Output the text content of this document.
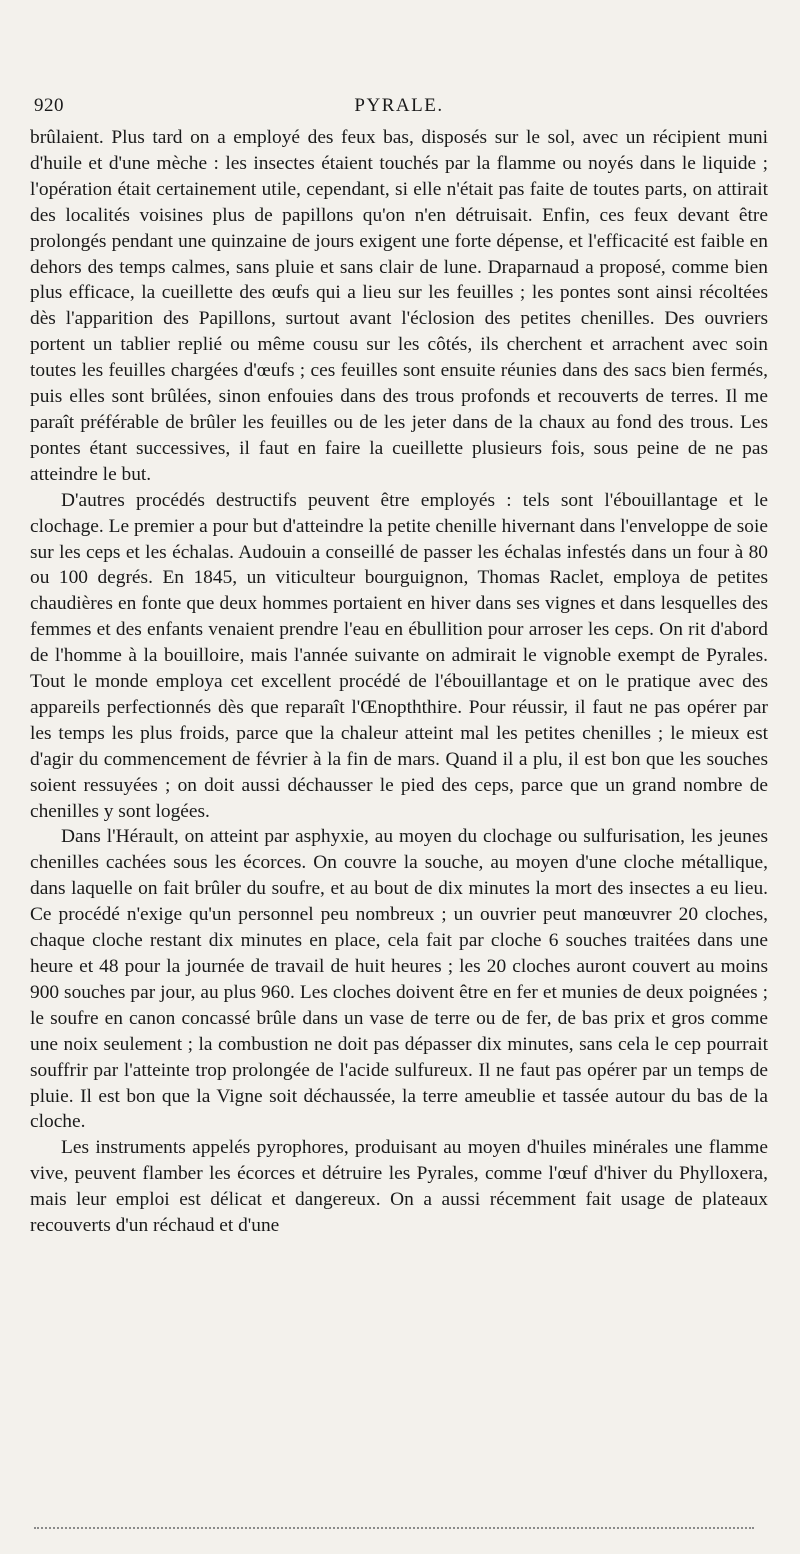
920	PYRALE.

brûlaient. Plus tard on a employé des feux bas, disposés sur le sol, avec un récipient muni d'huile et d'une mèche : les insectes étaient touchés par la flamme ou noyés dans le liquide ; l'opération était certainement utile, cependant, si elle n'était pas faite de toutes parts, on attirait des localités voisines plus de papillons qu'on n'en détruisait. Enfin, ces feux devant être prolongés pendant une quinzaine de jours exigent une forte dépense, et l'efficacité est faible en dehors des temps calmes, sans pluie et sans clair de lune. Draparnaud a proposé, comme bien plus efficace, la cueillette des œufs qui a lieu sur les feuilles ; les pontes sont ainsi récoltées dès l'apparition des Papillons, surtout avant l'éclosion des petites chenilles. Des ouvriers portent un tablier replié ou même cousu sur les côtés, ils cherchent et arrachent avec soin toutes les feuilles chargées d'œufs ; ces feuilles sont ensuite réunies dans des sacs bien fermés, puis elles sont brûlées, sinon enfouies dans des trous profonds et recouverts de terres. Il me paraît préférable de brûler les feuilles ou de les jeter dans de la chaux au fond des trous. Les pontes étant successives, il faut en faire la cueillette plusieurs fois, sous peine de ne pas atteindre le but.

D'autres procédés destructifs peuvent être employés : tels sont l'ébouillantage et le clochage. Le premier a pour but d'atteindre la petite chenille hivernant dans l'enveloppe de soie sur les ceps et les échalas. Audouin a conseillé de passer les échalas infestés dans un four à 80 ou 100 degrés. En 1845, un viticulteur bourguignon, Thomas Raclet, employa de petites chaudières en fonte que deux hommes portaient en hiver dans ses vignes et dans lesquelles des femmes et des enfants venaient prendre l'eau en ébullition pour arroser les ceps. On rit d'abord de l'homme à la bouilloire, mais l'année suivante on admirait le vignoble exempt de Pyrales. Tout le monde employa cet excellent procédé de l'ébouillantage et on le pratique avec des appareils perfectionnés dès que reparaît l'Œnopththire. Pour réussir, il faut ne pas opérer par les temps les plus froids, parce que la chaleur atteint mal les petites chenilles ; le mieux est d'agir du commencement de février à la fin de mars. Quand il a plu, il est bon que les souches soient ressuyées ; on doit aussi déchausser le pied des ceps, parce que un grand nombre de chenilles y sont logées.

Dans l'Hérault, on atteint par asphyxie, au moyen du clochage ou sulfurisation, les jeunes chenilles cachées sous les écorces. On couvre la souche, au moyen d'une cloche métallique, dans laquelle on fait brûler du soufre, et au bout de dix minutes la mort des insectes a eu lieu. Ce procédé n'exige qu'un personnel peu nombreux ; un ouvrier peut manœuvrer 20 cloches, chaque cloche restant dix minutes en place, cela fait par cloche 6 souches traitées dans une heure et 48 pour la journée de travail de huit heures ; les 20 cloches auront couvert au moins 900 souches par jour, au plus 960. Les cloches doivent être en fer et munies de deux poignées ; le soufre en canon concassé brûle dans un vase de terre ou de fer, de bas prix et gros comme une noix seulement ; la combustion ne doit pas dépasser dix minutes, sans cela le cep pourrait souffrir par l'atteinte trop prolongée de l'acide sulfureux. Il ne faut pas opérer par un temps de pluie. Il est bon que la Vigne soit déchaussée, la terre ameublie et tassée autour du bas de la cloche.

Les instruments appelés pyrophores, produisant au moyen d'huiles minérales une flamme vive, peuvent flamber les écorces et détruire les Pyrales, comme l'œuf d'hiver du Phylloxera, mais leur emploi est délicat et dangereux. On a aussi récemment fait usage de plateaux recouverts d'un réchaud et d'une
